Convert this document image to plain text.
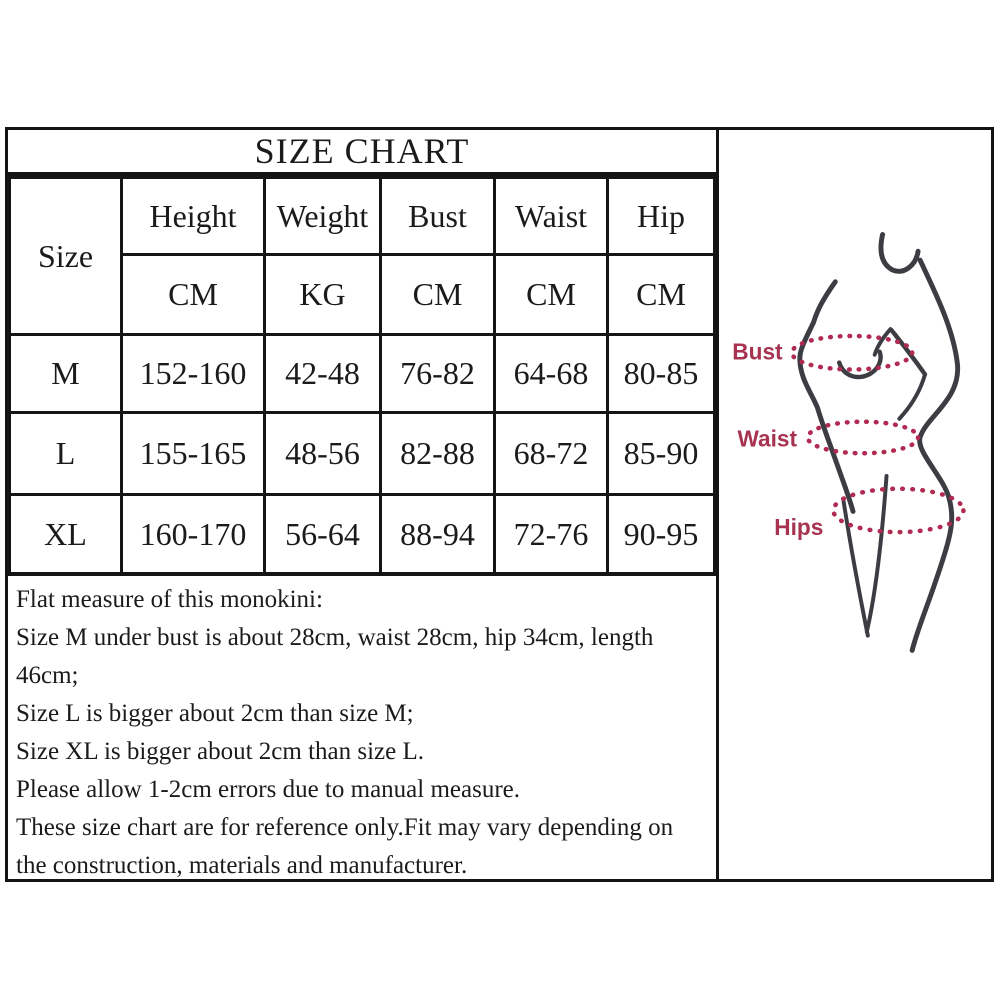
SIZE CHART
Size	Height	Weight	Bust	Waist	Hip
	CM	KG	CM	CM	CM
M	152-160	42-48	76-82	64-68	80-85
L	155-165	48-56	82-88	68-72	85-90
XL	160-170	56-64	88-94	72-76	90-95
Flat measure of this monokini:
Size M under bust is about 28cm, waist 28cm, hip 34cm, length 46cm;
Size L is bigger about 2cm than size M;
Size XL is bigger about 2cm than size L.
Please allow 1-2cm errors due to manual measure.
These size chart are for reference only.Fit may vary depending on the construction, materials and manufacturer.
Bust
Waist
Hips
